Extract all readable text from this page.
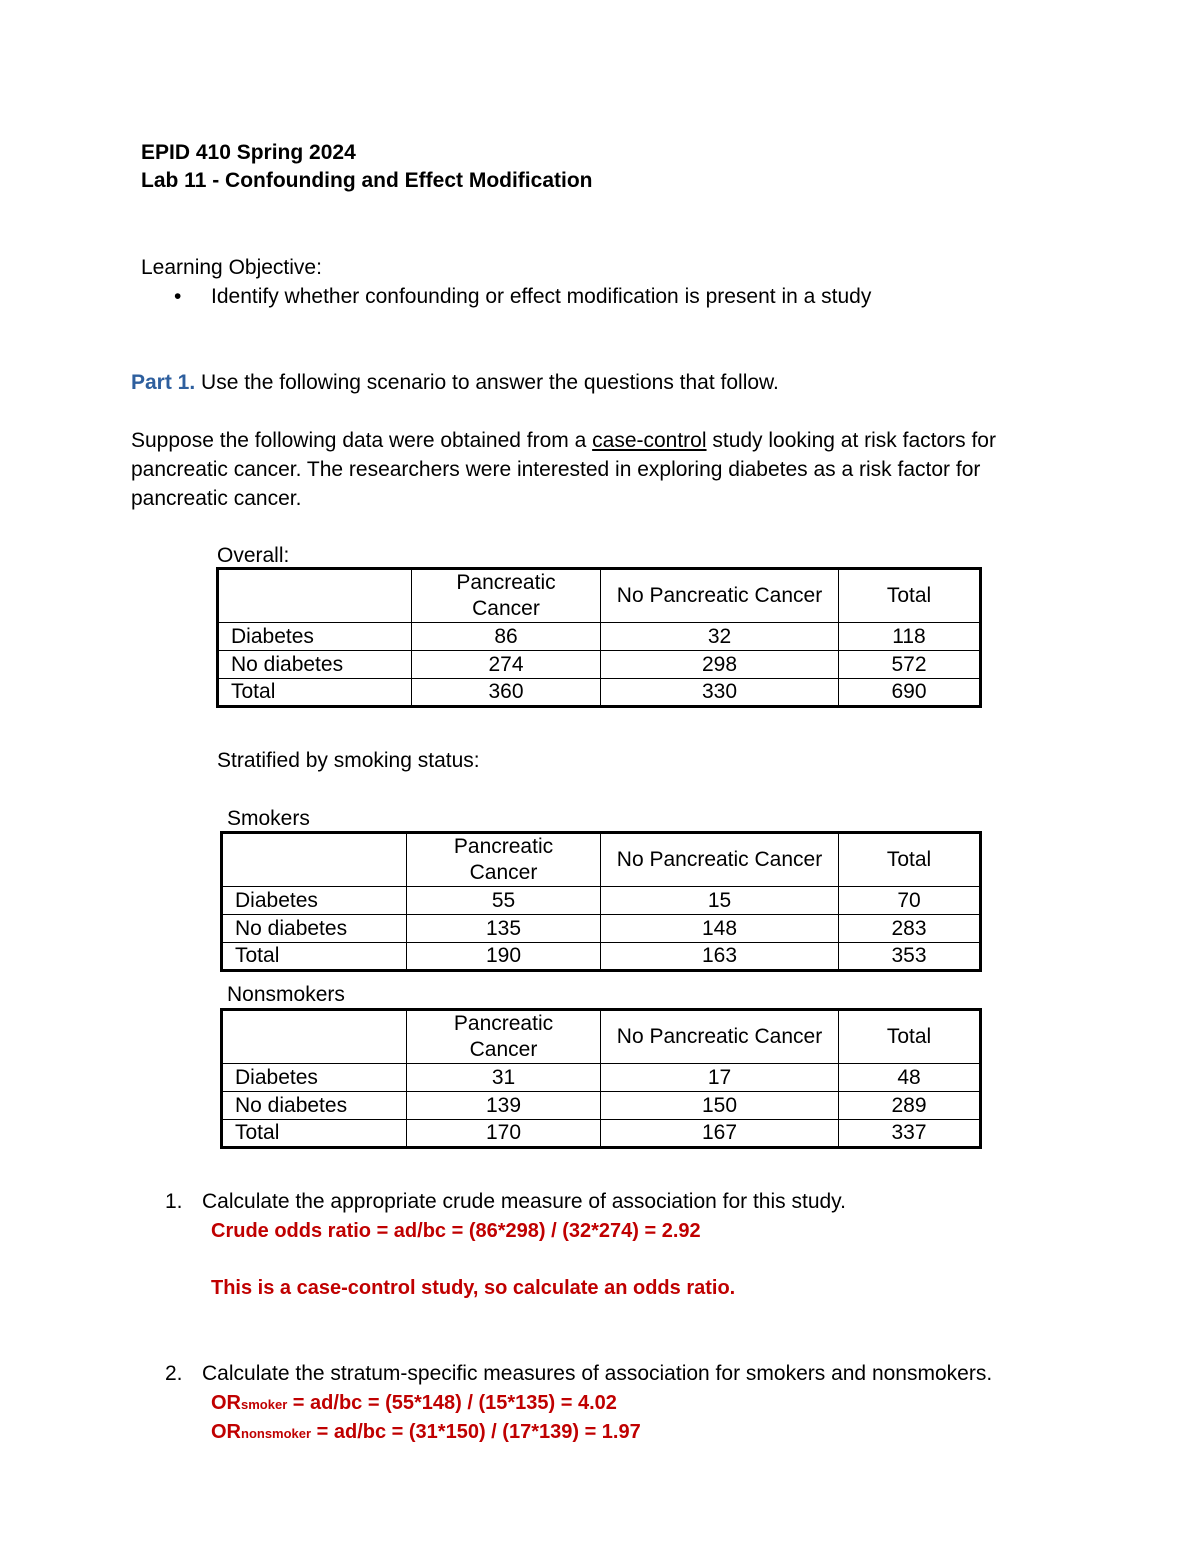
EPID 410 Spring 2024
Lab 11 - Confounding and Effect Modification
Learning Objective:
• Identify whether confounding or effect modification is present in a study
Part 1. Use the following scenario to answer the questions that follow.
Suppose the following data were obtained from a case-control study looking at risk factors for
pancreatic cancer. The researchers were interested in exploring diabetes as a risk factor for
pancreatic cancer.
Overall:
	Pancreatic Cancer	No Pancreatic Cancer	Total
Diabetes	86	32	118
No diabetes	274	298	572
Total	360	330	690
Stratified by smoking status:
Smokers
	Pancreatic Cancer	No Pancreatic Cancer	Total
Diabetes	55	15	70
No diabetes	135	148	283
Total	190	163	353
Nonsmokers
	Pancreatic Cancer	No Pancreatic Cancer	Total
Diabetes	31	17	48
No diabetes	139	150	289
Total	170	167	337
1. Calculate the appropriate crude measure of association for this study.
Crude odds ratio = ad/bc = (86*298) / (32*274) = 2.92
This is a case-control study, so calculate an odds ratio.
2. Calculate the stratum-specific measures of association for smokers and nonsmokers.
ORsmoker = ad/bc = (55*148) / (15*135) = 4.02
ORnonsmoker = ad/bc = (31*150) / (17*139) = 1.97
